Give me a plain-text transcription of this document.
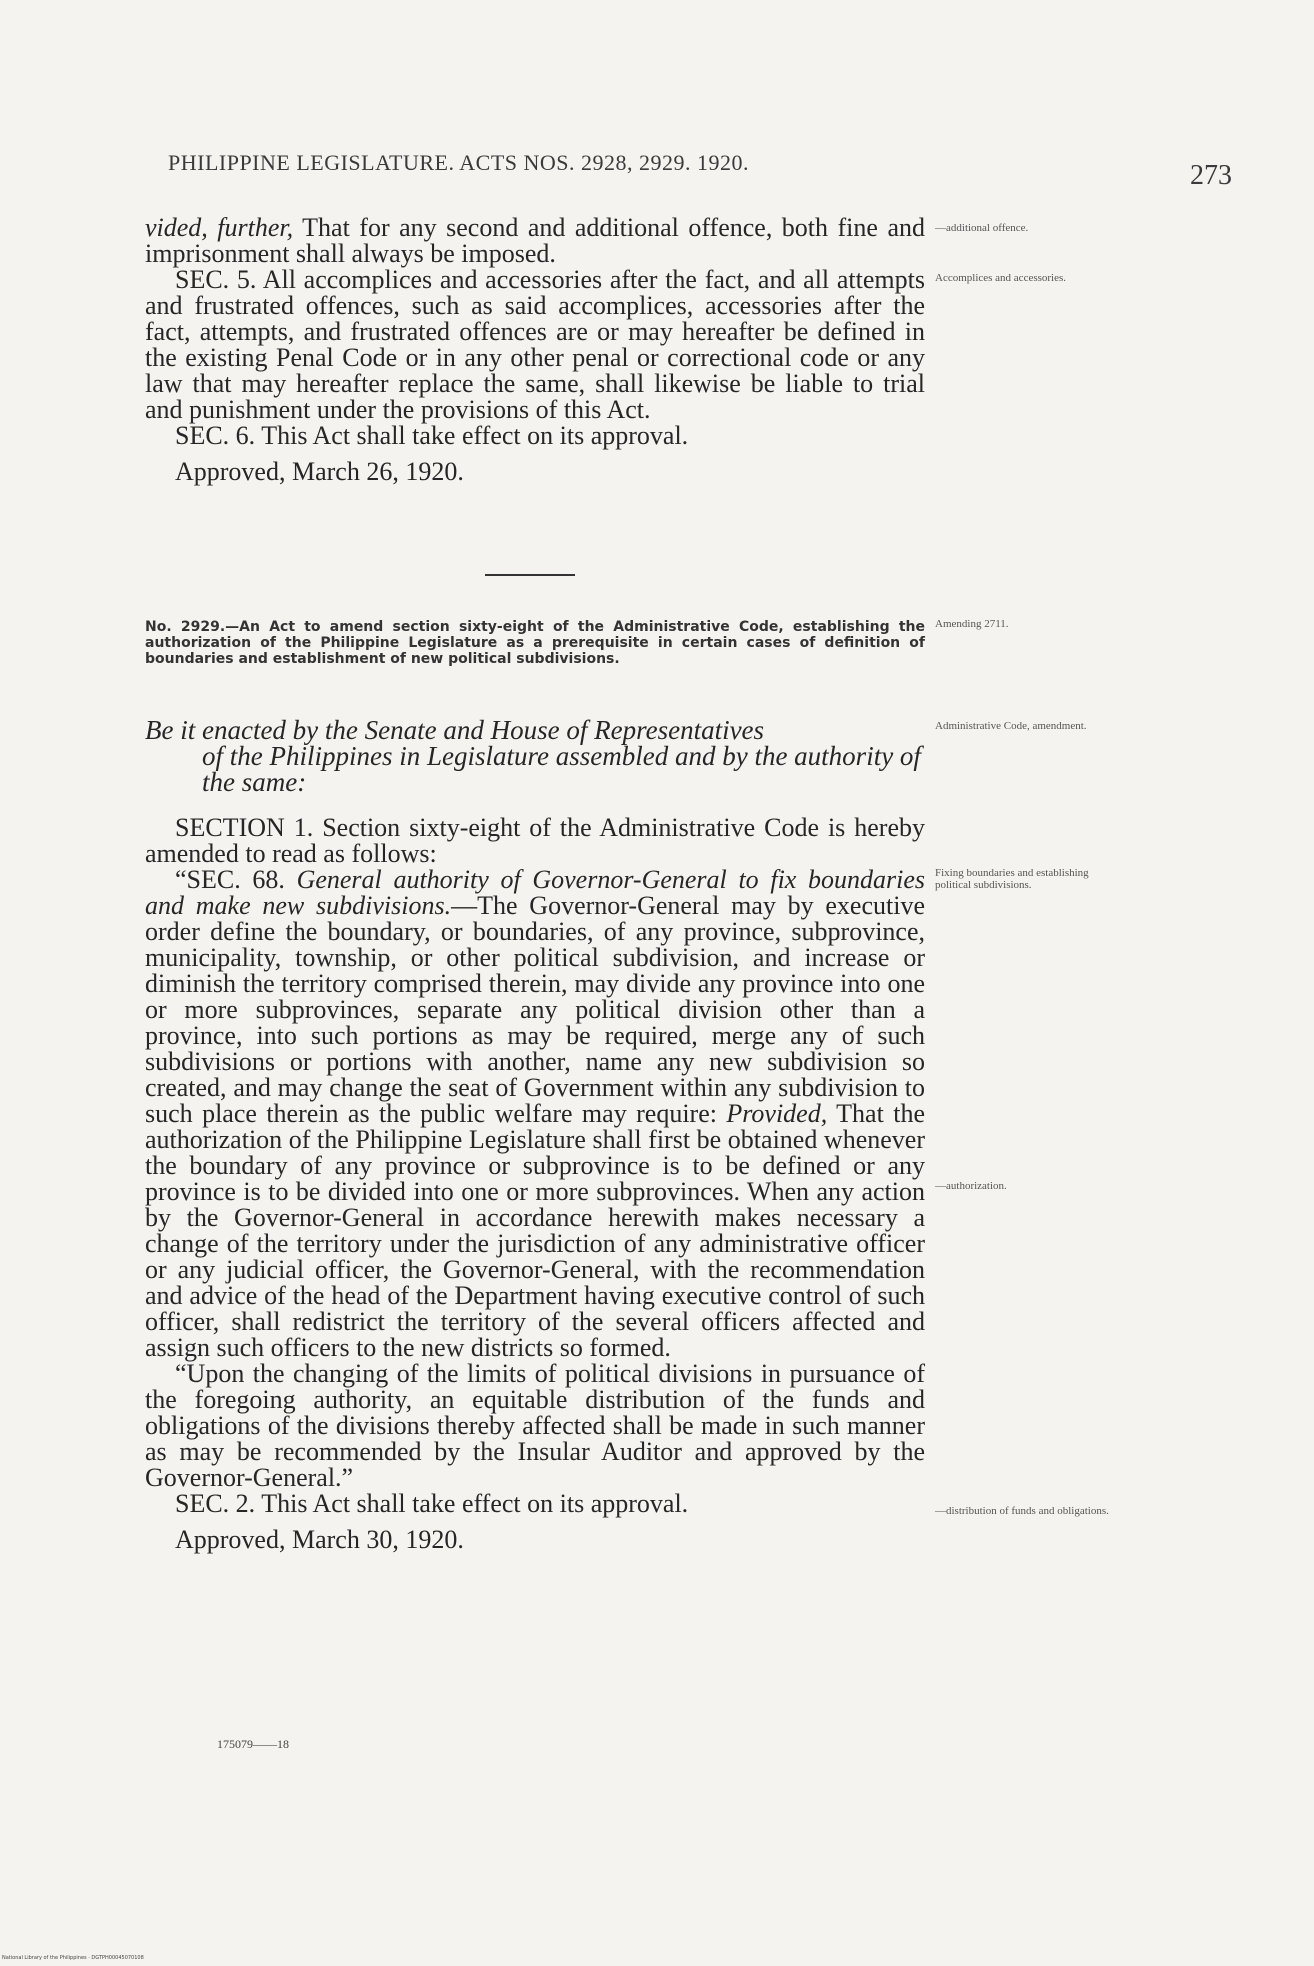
PHILIPPINE LEGISLATURE. ACTS NOS. 2928, 2929. 1920.	273

vided, further, That for any second and additional offence, both fine and imprisonment shall always be imposed.

SEC. 5. All accomplices and accessories after the fact, and all attempts and frustrated offences, such as said accomplices, accessories after the fact, attempts, and frustrated offences are or may hereafter be defined in the existing Penal Code or in any other penal or correctional code or any law that may hereafter replace the same, shall likewise be liable to trial and punishment under the provisions of this Act.

SEC. 6. This Act shall take effect on its approval.

Approved, March 26, 1920.

—additional offence.
Accomplices and accessories.
No. 2929.—An Act to amend section sixty-eight of the Administrative Code, establishing the authorization of the Philippine Legislature as a prerequisite in certain cases of definition of boundaries and establishment of new political subdivisions.
Amending 2711.
Be it enacted by the Senate and House of Representatives
of the Philippines in Legislature assembled and by the authority of the same:
Administrative Code, amendment.

SECTION 1. Section sixty-eight of the Administrative Code is hereby amended to read as follows:

“SEC. 68. General authority of Governor-General to fix boundaries and make new subdivisions.—The Governor-General may by executive order define the boundary, or boundaries, of any province, subprovince, municipality, township, or other political subdivision, and increase or diminish the territory comprised therein, may divide any province into one or more subprovinces, separate any political division other than a province, into such portions as may be required, merge any of such subdivisions or portions with another, name any new subdivision so created, and may change the seat of Government within any subdivision to such place therein as the public welfare may require: Provided, That the authorization of the Philippine Legislature shall first be obtained whenever the boundary of any province or subprovince is to be defined or any province is to be divided into one or more subprovinces. When any action by the Governor-General in accordance herewith makes necessary a change of the territory under the jurisdiction of any administrative officer or any judicial officer, the Governor-General, with the recommendation and advice of the head of the Department having executive control of such officer, shall redistrict the territory of the several officers affected and assign such officers to the new districts so formed.

“Upon the changing of the limits of political divisions in pursuance of the foregoing authority, an equitable distribution of the funds and obligations of the divisions thereby affected shall be made in such manner as may be recommended by the Insular Auditor and approved by the Governor-General.”

SEC. 2. This Act shall take effect on its approval.

Approved, March 30, 1920.

Fixing boundaries and establishing political subdivisions.
—authorization.
—distribution of funds and obligations.
175079——18
National Library of the Philippines · DGTPH00045070108
